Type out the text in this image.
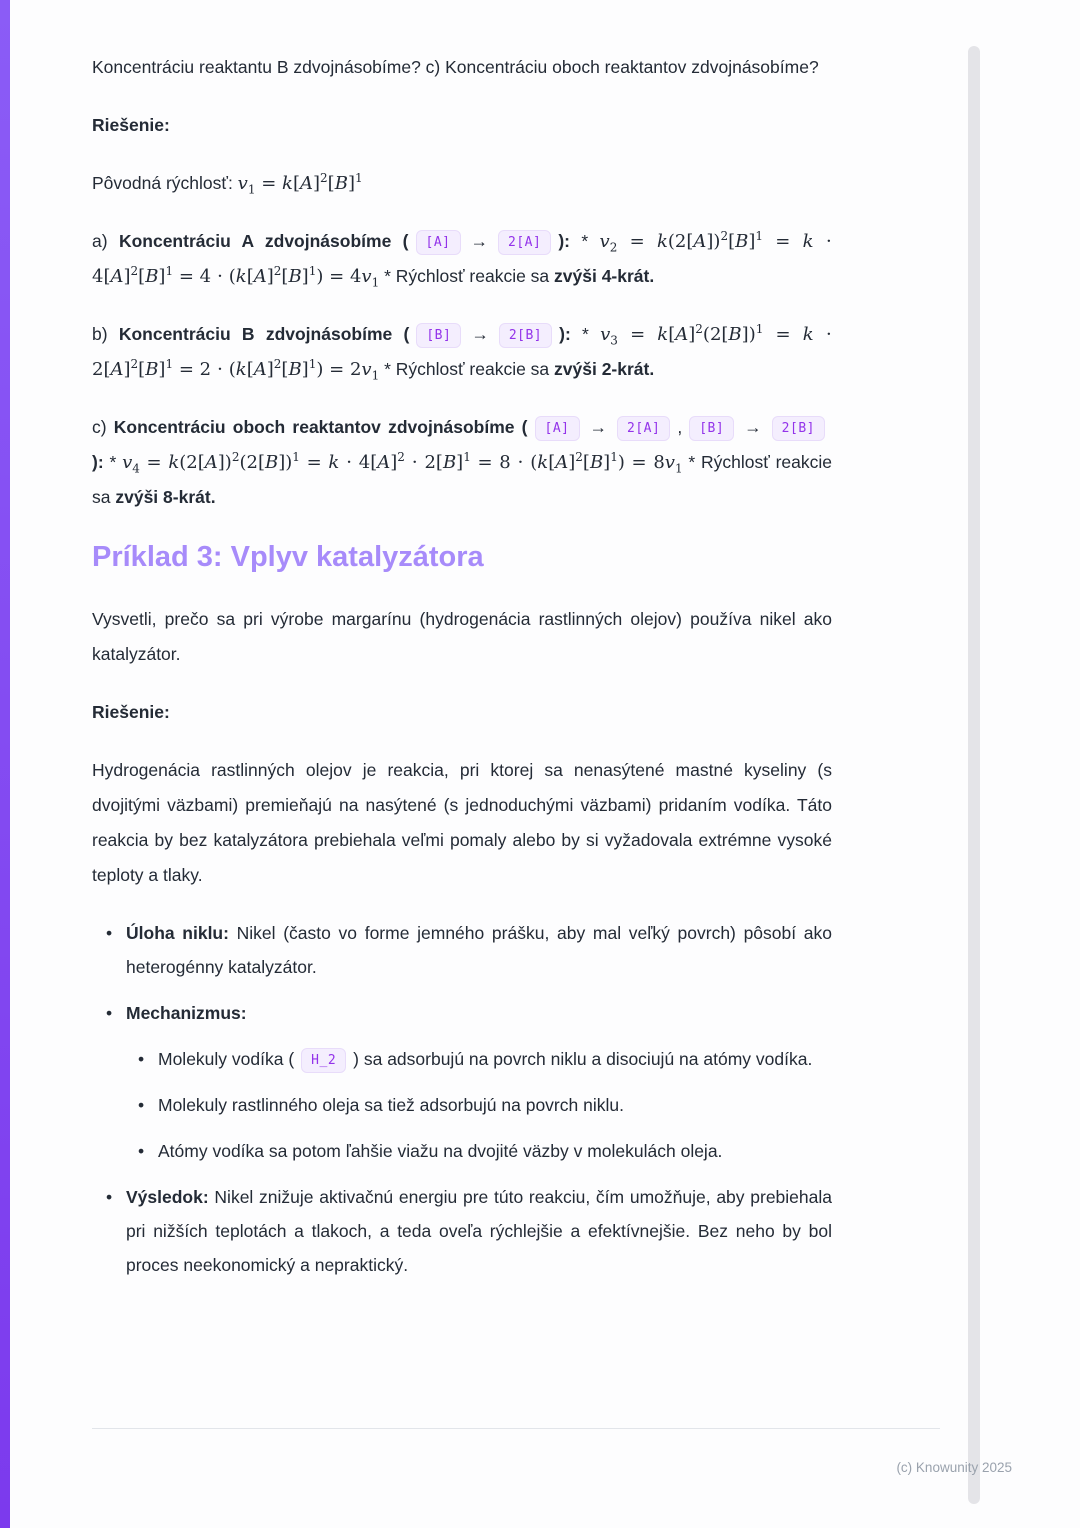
Koncentráciu reaktantu B zdvojnásobíme? c) Koncentráciu oboch reaktantov zdvojnásobíme?

Riešenie:

Pôvodná rýchlosť: $v_1 = k[A]^2[B]^1$

a) Koncentráciu A zdvojnásobíme ( [A] → 2[A] ): * $v_2 = k(2[A])^2[B]^1 = k \cdot 4[A]^2[B]^1 = 4 \cdot (k[A]^2[B]^1) = 4v_1$ * Rýchlosť reakcie sa zvýši 4-krát.

b) Koncentráciu B zdvojnásobíme ( [B] → 2[B] ): * $v_3 = k[A]^2(2[B])^1 = k \cdot 2[A]^2[B]^1 = 2 \cdot (k[A]^2[B]^1) = 2v_1$ * Rýchlosť reakcie sa zvýši 2-krát.

c) Koncentráciu oboch reaktantov zdvojnásobíme ( [A] → 2[A] , [B] → 2[B]): * $v_4 = k(2[A])^2(2[B])^1 = k \cdot 4[A]^2 \cdot 2[B]^1 = 8 \cdot (k[A]^2[B]^1) = 8v_1$ * Rýchlosť reakcie sa zvýši 8-krát.

Príklad 3: Vplyv katalyzátora

Vysvetli, prečo sa pri výrobe margarínu (hydrogenácia rastlinných olejov) používa nikel ako katalyzátor.

Riešenie:

Hydrogenácia rastlinných olejov je reakcia, pri ktorej sa nenasýtené mastné kyseliny (s dvojitými väzbami) premieňajú na nasýtené (s jednoduchými väzbami) pridaním vodíka. Táto reakcia by bez katalyzátora prebiehala veľmi pomaly alebo by si vyžadovala extrémne vysoké teploty a tlaky.

• Úloha niklu: Nikel (často vo forme jemného prášku, aby mal veľký povrch) pôsobí ako heterogénny katalyzátor.
• Mechanizmus:
• Molekuly vodíka ( H_2 ) sa adsorbujú na povrch niklu a disociujú na atómy vodíka.
• Molekuly rastlinného oleja sa tiež adsorbujú na povrch niklu.
• Atómy vodíka sa potom ľahšie viažu na dvojité väzby v molekulách oleja.
• Výsledok: Nikel znižuje aktivačnú energiu pre túto reakciu, čím umožňuje, aby prebiehala pri nižších teplotách a tlakoch, a teda oveľa rýchlejšie a efektívnejšie. Bez neho by bol proces neekonomický a nepraktický.
(c) Knowunity 2025
